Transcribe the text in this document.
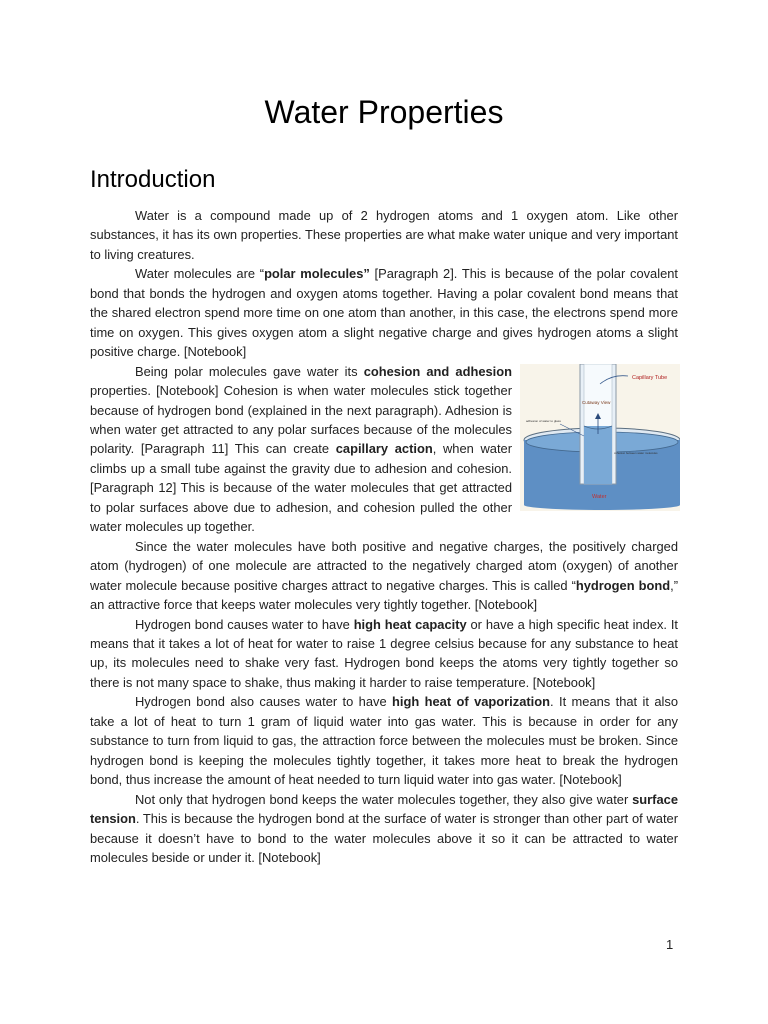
Water Properties
Introduction

Water is a compound made up of 2 hydrogen atoms and 1 oxygen atom. Like other substances, it has its own properties. These properties are what make water unique and very important to living creatures.

Water molecules are “polar molecules” [Paragraph 2]. This is because of the polar covalent bond that bonds the hydrogen and oxygen atoms together. Having a polar covalent bond means that the shared electron spend more time on one atom than another, in this case, the electrons spend more time on oxygen. This gives oxygen atom a slight negative charge and gives hydrogen atoms a slight positive charge. [Notebook]

Capillary Tube
Cutaway View
adhesion of water to glass
cohesion between water molecules
Water
Being polar molecules gave water its cohesion and adhesion properties. [Notebook] Cohesion is when water molecules stick together because of hydrogen bond (explained in the next paragraph). Adhesion is when water get attracted to any polar surfaces because of the molecules polarity. [Paragraph 11] This can create capillary action, when water climbs up a small tube against the gravity due to adhesion and cohesion. [Paragraph 12] This is because of the water molecules that get attracted to polar surfaces above due to adhesion, and cohesion pulled the other water molecules up together.

Since the water molecules have both positive and negative charges, the positively charged atom (hydrogen) of one molecule are attracted to the negatively charged atom (oxygen) of another water molecule because positive charges attract to negative charges. This is called “hydrogen bond,” an attractive force that keeps water molecules very tightly together. [Notebook]

Hydrogen bond causes water to have high heat capacity or have a high specific heat index. It means that it takes a lot of heat for water to raise 1 degree celsius because for any substance to heat up, its molecules need to shake very fast. Hydrogen bond keeps the atoms very tightly together so there is not many space to shake, thus making it harder to raise temperature. [Notebook]

Hydrogen bond also causes water to have high heat of vaporization. It means that it also take a lot of heat to turn 1 gram of liquid water into gas water. This is because in order for any substance to turn from liquid to gas, the attraction force between the molecules must be broken. Since hydrogen bond is keeping the molecules tightly together, it takes more heat to break the hydrogen bond, thus increase the amount of heat needed to turn liquid water into gas water. [Notebook]

Not only that hydrogen bond keeps the water molecules together, they also give water surface tension. This is because the hydrogen bond at the surface of water is stronger than other part of water because it doesn’t have to bond to the water molecules above it so it can be attracted to water molecules beside or under it. [Notebook]

1
